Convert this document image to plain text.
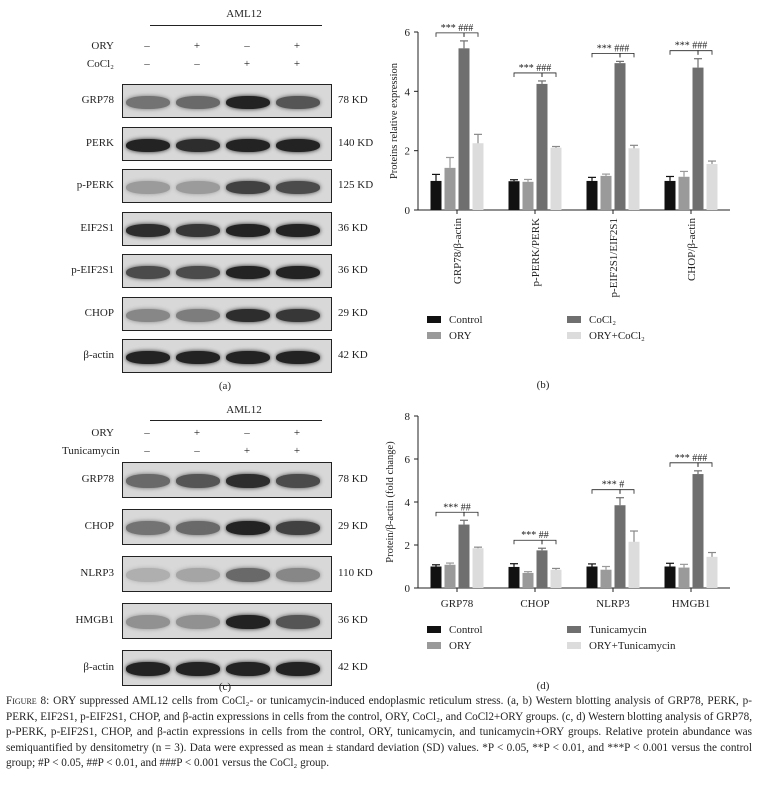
AML12
ORY	–	+	–	+
CoCl₂	–	–	+	+
GRP78	78 KD
PERK	140 KD
p-PERK	125 KD
EIF2S1	36 KD
p-EIF2S1	36 KD
CHOP	29 KD
β-actin	42 KD
(a)
AML12
ORY	–	+	–	+
Tunicamycin	–	–	+	+
GRP78	78 KD
CHOP	29 KD
NLRP3	110 KD
HMGB1	36 KD
β-actin	42 KD
(c)
0
2
4
6
Proteins relative expression
*** ###
GRP78/β-actin
*** ###
p-PERK/PERK
*** ###
p-EIF2S1/EIF2S1
*** ###
CHOP/β-actin
Control
ORY
CoCl₂
ORY+CoCl₂
(b)
0
2
4
6
8
Protein/β-actin (fold change)	*** ##
GRP78
*** ##
CHOP
*** #
NLRP3
*** ###
HMGB1
Control
ORY
Tunicamycin
ORY+Tunicamycin
(d)
Figure 8: ORY suppressed AML12 cells from CoCl₂- or tunicamycin-induced endoplasmic reticulum stress. (a, b) Western blotting analysis of GRP78, PERK, p-PERK, EIF2S1, p-EIF2S1, CHOP, and β-actin expressions in cells from the control, ORY, CoCl₂, and CoCl2+ORY groups. (c, d) Western blotting analysis of GRP78, p-PERK, p-EIF2S1, CHOP, and β-actin expressions in cells from the control, ORY, tunicamycin, and tunicamycin+ORY groups. Relative protein abundance was semiquantified by densitometry (n = 3). Data were expressed as mean ± standard deviation (SD) values. *P < 0.05, **P < 0.01, and ***P < 0.001 versus the control group; #P < 0.05, ##P < 0.01, and ###P < 0.001 versus the CoCl₂ group.
